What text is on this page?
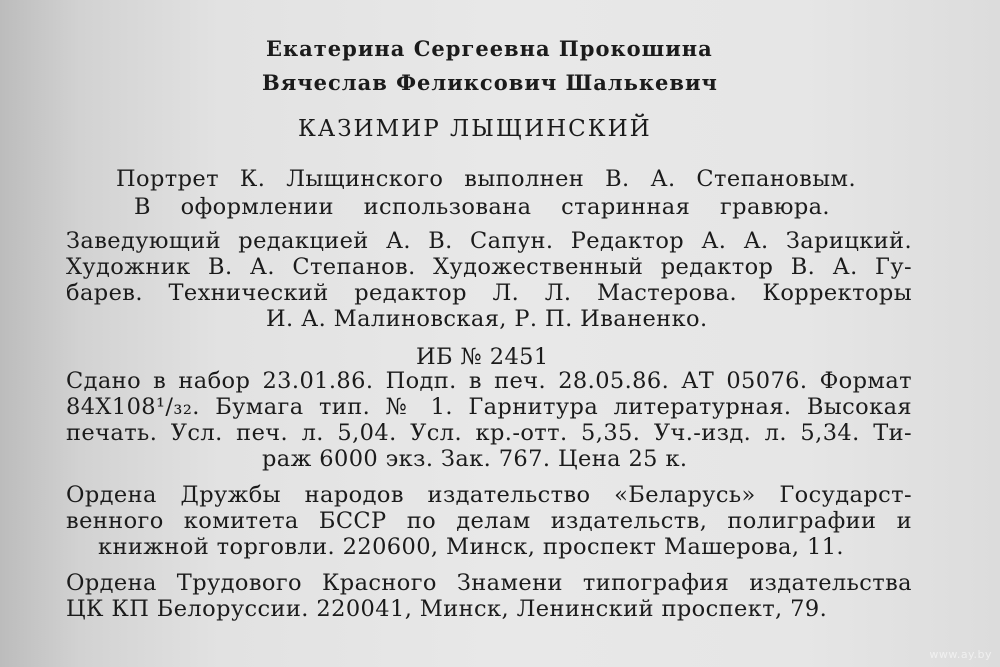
Екатерина Сергеевна Прокошина

Вячеслав Феликсович Шалькевич

КАЗИМИР ЛЫЩИНСКИЙ

Портрет К. Лыщинского выполнен В. А. Степановым.

В оформлении использована старинная гравюра.

Заведующий редакцией А. В. Сапун. Редактор А. А. Зарицкий.

Художник В. А. Степанов. Художественный редактор В. А. Гу-

барев. Технический редактор Л. Л. Мастерова. Корректоры

И. А. Малиновская, Р. П. Иваненко.

ИБ № 2451

Сдано в набор 23.01.86. Подп. в печ. 28.05.86. АТ 05076. Формат

84Х108¹/₃₂. Бумага тип. № 1. Гарнитура литературная. Высокая

печать. Усл. печ. л. 5,04. Усл. кр.-отт. 5,35. Уч.-изд. л. 5,34. Ти-

раж 6000 экз. Зак. 767. Цена 25 к.

Ордена Дружбы народов издательство «Беларусь» Государст-

венного комитета БССР по делам издательств, полиграфии и

книжной торговли. 220600, Минск, проспект Машерова, 11.

Ордена Трудового Красного Знамени типография издательства

ЦК КП Белоруссии. 220041, Минск, Ленинский проспект, 79.

www.ay.by
